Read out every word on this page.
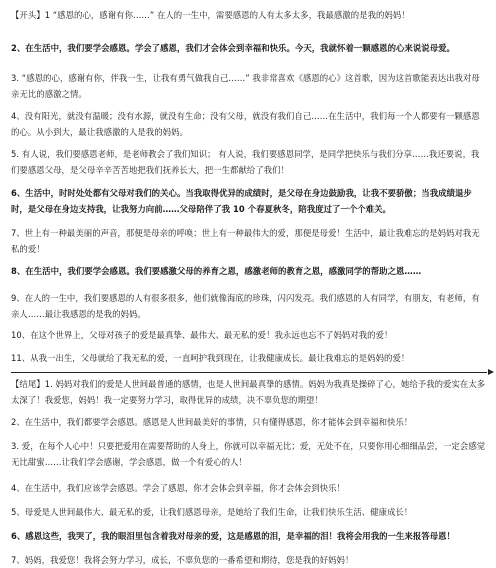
【开头】1 “感恩的心，感谢有你……” 在人的一生中，需要感恩的人有太多太多，我最感激的是我的妈妈！

2、在生活中，我们要学会感恩。学会了感恩，我们才会体会到幸福和快乐。今天，我就怀着一颗感恩的心来说说母爱。

3. “感恩的心，感谢有你，伴我一生，让我有勇气做我自己……” 我非常喜欢《感恩的心》这首歌，因为这首歌能表达出我对母亲无比的感激之情。

4、没有阳光，就没有温暖；没有水源，就没有生命；没有父母，就没有我们自己……在生活中，我们每一个人都要有一颗感恩的心。从小到大，最让我感激的人是我的妈妈。

5. 有人说，我们要感恩老师，是老师教会了我们知识； 有人说，我们要感恩同学，是同学把快乐与我们分享……我还要说，我们要感恩父母，是父母辛辛苦苦地把我们抚养长大，把一生都献给了我们！

6、生活中，时时处处都有父母对我们的关心。当我取得优异的成绩时，是父母在身边鼓励我，让我不要骄傲；当我成绩退步时，是父母在身边支持我，让我努力向前……父母陪伴了我 10 个春夏秋冬，陪我度过了一个个难关。

7、世上有一种最美丽的声音，那便是母亲的呼唤；世上有一种最伟大的爱，那便是母爱！生活中，最让我难忘的是妈妈对我无私的爱！

8、在生活中，我们要学会感恩。我们要感激父母的养育之恩，感激老师的教育之恩，感激同学的帮助之恩……

9、在人的一生中，我们要感恩的人有很多很多，他们就像海底的珍珠，闪闪发亮。我们感恩的人有同学，有朋友，有老师，有亲人……最让我感恩的是我的妈妈。

10、在这个世界上，父母对孩子的爱是最真挚、最伟大、最无私的爱！我永远也忘不了妈妈对我的爱！

11、从我一出生，父母就给了我无私的爱，一直呵护我到现在，让我健康成长。最让我难忘的是妈妈的爱！

【结尾】1. 妈妈对我们的爱是人世间最普通的感情，也是人世间最真挚的感情。妈妈为我真是操碎了心，她给予我的爱实在太多太深了！我爱您，妈妈！我一定要努力学习，取得优异的成绩，决不辜负您的期望！

2、在生活中，我们都要学会感恩。感恩是人世间最美好的事情，只有懂得感恩，你才能体会到幸福和快乐！

3. 爱，在每个人心中！只要把爱用在需要帮助的人身上，你就可以幸福无比；爱，无处不在，只要你用心细细品尝，一定会感觉无比甜蜜……让我们学会感谢，学会感恩，做一个有爱心的人！

4、在生活中，我们应该学会感恩。学会了感恩，你才会体会到幸福，你才会体会到快乐！

5、母爱是人世间最伟大、最无私的爱，让我们感恩母亲，是她给了我们生命，让我们快乐生活、健康成长！

6、感恩这些，我哭了，我的眼泪里包含着我对母亲的爱，这是感恩的泪，是幸福的泪！我将会用我的一生来报答母恩！

7、妈妈，我爱您！我将会努力学习，成长，不辜负您的一番希望和期待，您是我的好妈妈！
